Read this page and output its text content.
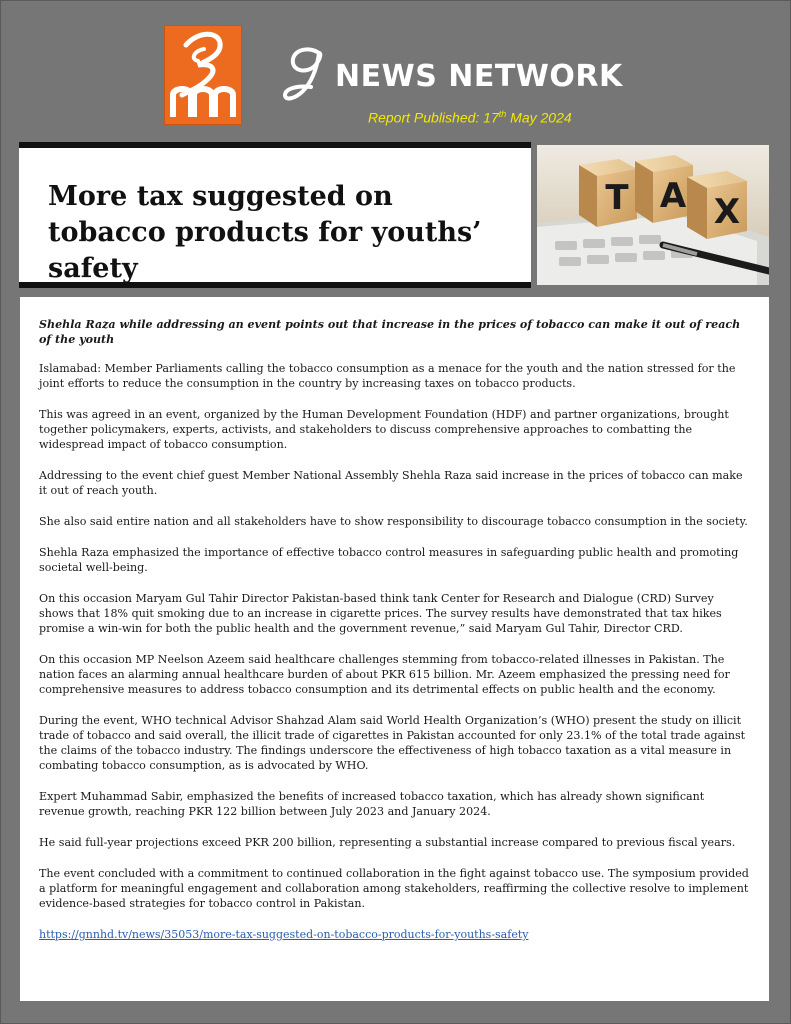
NEWS NETWORK
Report Published: 17th May 2024
More tax suggested on tobacco products for youths’ safety
T A X

Shehla Raza while addressing an event points out that increase in the prices of tobacco can make it out of reach of the youth

Islamabad: Member Parliaments calling the tobacco consumption as a menace for the youth and the nation stressed for the joint efforts to reduce the consumption in the country by increasing taxes on tobacco products.

This was agreed in an event, organized by the Human Development Foundation (HDF) and partner organizations, brought together policymakers, experts, activists, and stakeholders to discuss comprehensive approaches to combatting the widespread impact of tobacco consumption.

Addressing to the event chief guest Member National Assembly Shehla Raza said increase in the prices of tobacco can make it out of reach youth.

She also said entire nation and all stakeholders have to show responsibility to discourage tobacco consumption in the society.

Shehla Raza emphasized the importance of effective tobacco control measures in safeguarding public health and promoting societal well-being.

On this occasion Maryam Gul Tahir Director Pakistan-based think tank Center for Research and Dialogue (CRD) Survey shows that 18% quit smoking due to an increase in cigarette prices. The survey results have demonstrated that tax hikes promise a win-win for both the public health and the government revenue,” said Maryam Gul Tahir, Director CRD.

On this occasion MP Neelson Azeem said healthcare challenges stemming from tobacco-related illnesses in Pakistan. The nation faces an alarming annual healthcare burden of about PKR 615 billion. Mr. Azeem emphasized the pressing need for comprehensive measures to address tobacco consumption and its detrimental effects on public health and the economy.

During the event, WHO technical Advisor Shahzad Alam said World Health Organization’s (WHO) present the study on illicit trade of tobacco and said overall, the illicit trade of cigarettes in Pakistan accounted for only 23.1% of the total trade against the claims of the tobacco industry. The findings underscore the effectiveness of high tobacco taxation as a vital measure in combating tobacco consumption, as is advocated by WHO.

Expert Muhammad Sabir, emphasized the benefits of increased tobacco taxation, which has already shown significant revenue growth, reaching PKR 122 billion between July 2023 and January 2024.

He said full-year projections exceed PKR 200 billion, representing a substantial increase compared to previous fiscal years.

The event concluded with a commitment to continued collaboration in the fight against tobacco use. The symposium provided a platform for meaningful engagement and collaboration among stakeholders, reaffirming the collective resolve to implement evidence-based strategies for tobacco control in Pakistan.

https://gnnhd.tv/news/35053/more-tax-suggested-on-tobacco-products-for-youths-safety
